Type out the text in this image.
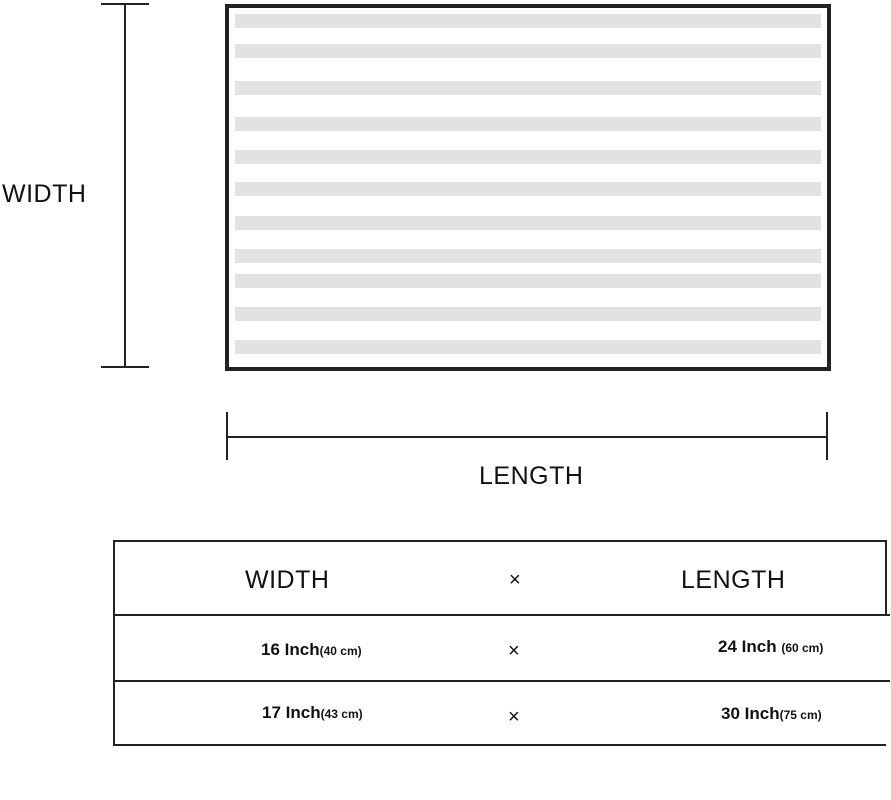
WIDTH
LENGTH
WIDTH	×	LENGTH
16 Inch(40 cm)	×	24 Inch (60 cm)
17 Inch(43 cm)	×	30 Inch(75 cm)
